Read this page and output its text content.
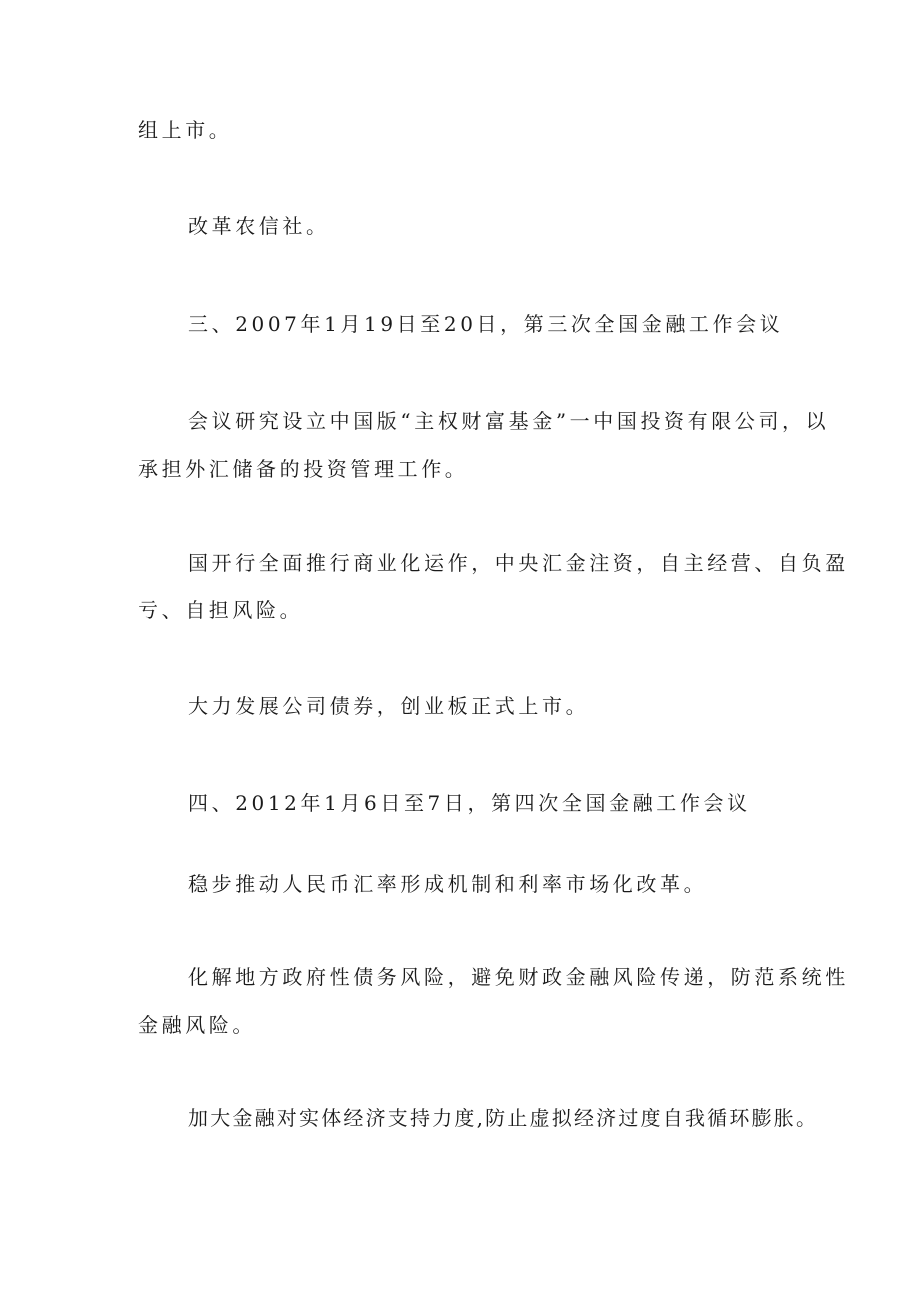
组上市。
改革农信社。
三、2007年1月19日至20日，第三次全国金融工作会议
会议研究设立中国版“主权财富基金”一中国投资有限公司，以
承担外汇储备的投资管理工作。
国开行全面推行商业化运作，中央汇金注资，自主经营、自负盈
亏、自担风险。
大力发展公司债券，创业板正式上市。
四、2012年1月6日至7日，第四次全国金融工作会议
稳步推动人民币汇率形成机制和利率市场化改革。
化解地方政府性债务风险，避免财政金融风险传递，防范系统性
金融风险。
加大金融对实体经济支持力度,防止虚拟经济过度自我循环膨胀。
